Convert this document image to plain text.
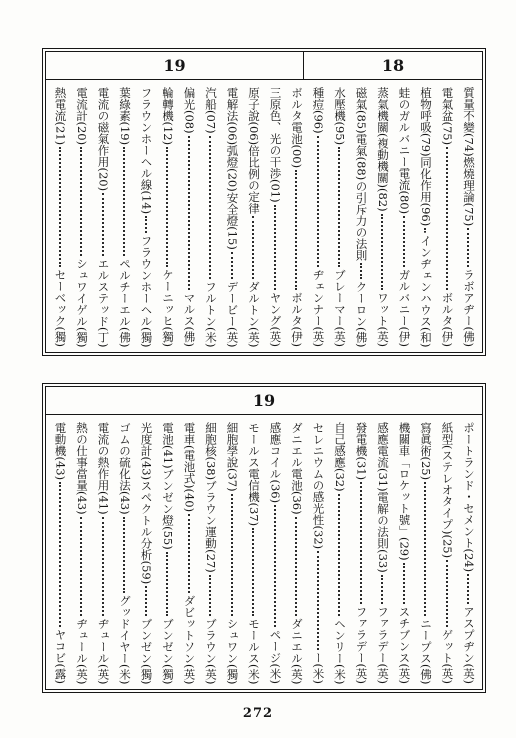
19	18
質量不變(74)燃燒理論(75)
ラボアヂー(佛)
電氣盆(75)
ボルタ(伊)
植物呼吸(79)同化作用(96)
インヂェンハウス(和)
蛙のガルバニー電流(80)
ガルバニー(伊)
蒸氣機關(複動機關)(82)
ワット(英)
磁氣(85)電氣(88)の引斥力の法則
クーロン(佛)
水壓機(95)
ブレーマー(英)
種痘(96)
ヂェンナー(英)
ボルタ電池(00)
ボルタ(伊)
三原色、光の干渉(01)
ヤング(英)
原子說(06)倍比例の定律
ダルトン(英)
電解法(06)弧燈(20)安全燈(15)
デービー(英)
汽船(07)
フルトン(米)
偏光(08)
マルス(佛)
輪轉機(12)
ケーニッヒ(獨)
フラウンホーヘル線(14)
フラウンホーヘル(獨)
葉綠素(19)
ペルチーエル(佛)
電流の磁氣作用(20)
エルステッド(丁)
電流計(20)
シュワイゲル(獨)
熱電流(21)
セーベック(獨)
19
ポートランド・セメント(24)
アスプヂン(英)
紙型(ステレオタイプ)(25)
ゲット(英)
寫眞術(25)
ニープス(佛)
機關車「ロケット號」(29)
スチブンス(英)
感應電流(31)電解の法則(33)
ファラデー(英)
發電機(31)
ファラデー(英)
自己感應(32)
ヘンリー(米)
セレニウムの感光性(32)
ー(米)
ダニエル電池(36)
ダニエル(英)
感應コイル(36)
ページ(米)
モールス電信機(37)
モールス(米)
細胞學說(37)
シュワン(獨)
細胞核(38)ブラウン運動(27)
ブラウン(英)
電車(電池式)(40)
ダビットソン(英)
電池(41)ブンゼン燈(55)
ブンゼン(獨)
光度計(43)スペクトル分析(59)
ブンゼン(獨)
ゴムの硫化法(43)
グッドイヤー(米)
電流の熱作用(41)
ヂュール(英)
熱の仕事當量(43)
ヂュール(英)
電動機(43)
ヤコビ(露)
272
